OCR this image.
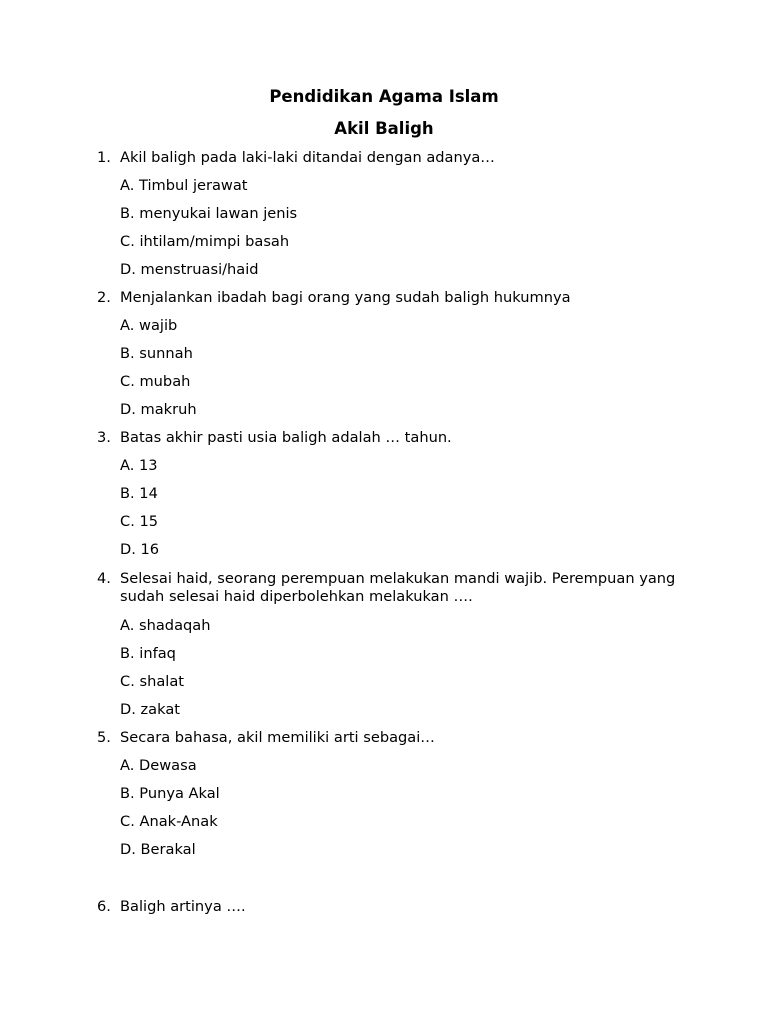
Pendidikan Agama Islam
Akil Baligh
1. Akil baligh pada laki-laki ditandai dengan adanya…
A. Timbul jerawat
B. menyukai lawan jenis
C. ihtilam/mimpi basah
D. menstruasi/haid
2. Menjalankan ibadah bagi orang yang sudah baligh hukumnya
A. wajib
B. sunnah
C. mubah
D. makruh
3. Batas akhir pasti usia baligh adalah … tahun.
A. 13
B. 14
C. 15
D. 16
4. Selesai haid, seorang perempuan melakukan mandi wajib. Perempuan yang sudah selesai haid diperbolehkan melakukan ….
A. shadaqah
B. infaq
C. shalat
D. zakat
5. Secara bahasa, akil memiliki arti sebagai…
A. Dewasa
B. Punya Akal
C. Anak-Anak
D. Berakal
6. Baligh artinya ….
